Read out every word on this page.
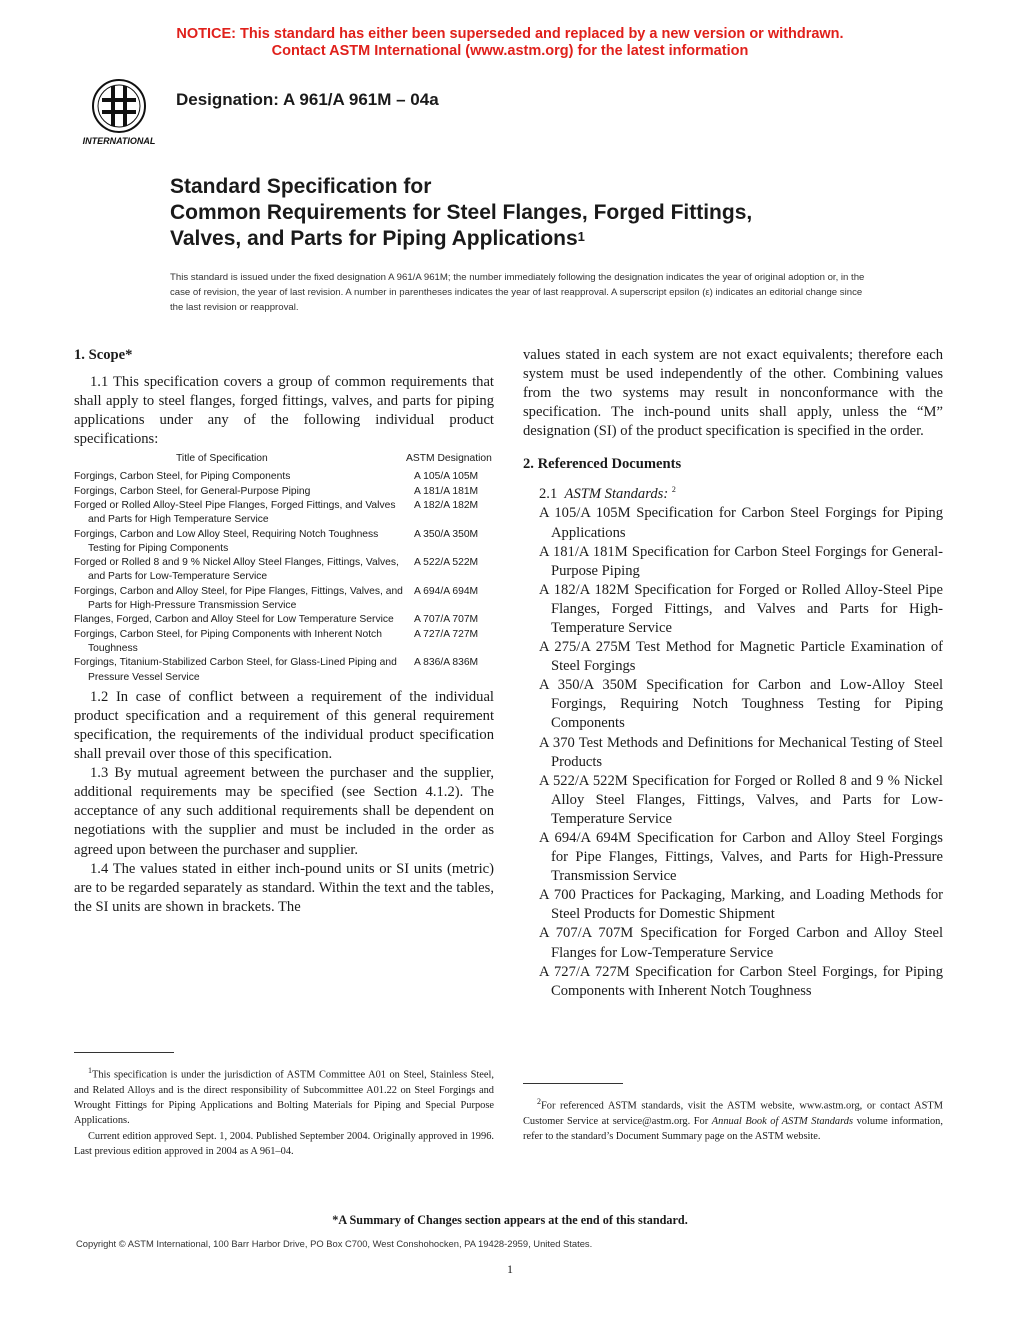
NOTICE: This standard has either been superseded and replaced by a new version or withdrawn.
Contact ASTM International (www.astm.org) for the latest information
INTERNATIONAL
Designation: A 961/A 961M – 04a
Standard Specification for
Common Requirements for Steel Flanges, Forged Fittings,
Valves, and Parts for Piping Applications$^1$
This standard is issued under the fixed designation A 961/A 961M; the number immediately following the designation indicates the year of original adoption or, in the case of revision, the year of last revision. A number in parentheses indicates the year of last reapproval. A superscript epsilon (ε) indicates an editorial change since the last revision or reapproval.
1. Scope*

1.1 This specification covers a group of common requirements that shall apply to steel flanges, forged fittings, valves, and parts for piping applications under any of the following individual product specifications:

Title of Specification	ASTM Designation
Forgings, Carbon Steel, for Piping Components	A 105/A 105M
Forgings, Carbon Steel, for General-Purpose Piping	A 181/A 181M
Forged or Rolled Alloy-Steel Pipe Flanges, Forged Fittings, and Valves and Parts for High Temperature Service	A 182/A 182M
Forgings, Carbon and Low Alloy Steel, Requiring Notch Toughness Testing for Piping Components	A 350/A 350M
Forged or Rolled 8 and 9 % Nickel Alloy Steel Flanges, Fittings, Valves, and Parts for Low-Temperature Service	A 522/A 522M
Forgings, Carbon and Alloy Steel, for Pipe Flanges, Fittings, Valves, and Parts for High-Pressure Transmission Service	A 694/A 694M
Flanges, Forged, Carbon and Alloy Steel for Low Temperature Service	A 707/A 707M
Forgings, Carbon Steel, for Piping Components with Inherent Notch Toughness	A 727/A 727M
Forgings, Titanium-Stabilized Carbon Steel, for Glass-Lined Piping and Pressure Vessel Service	A 836/A 836M

1.2 In case of conflict between a requirement of the individual product specification and a requirement of this general requirement specification, the requirements of the individual product specification shall prevail over those of this specification.

1.3 By mutual agreement between the purchaser and the supplier, additional requirements may be specified (see Section 4.1.2). The acceptance of any such additional requirements shall be dependent on negotiations with the supplier and must be included in the order as agreed upon between the purchaser and supplier.

1.4 The values stated in either inch-pound units or SI units (metric) are to be regarded separately as standard. Within the text and the tables, the SI units are shown in brackets. The

values stated in each system are not exact equivalents; therefore each system must be used independently of the other. Combining values from the two systems may result in nonconformance with the specification. The inch-pound units shall apply, unless the “M” designation (SI) of the product specification is specified in the order.

2. Referenced Documents

2.1 ASTM Standards: $^2$

A 105/A 105M Specification for Carbon Steel Forgings for Piping Applications

A 181/A 181M Specification for Carbon Steel Forgings for General-Purpose Piping

A 182/A 182M Specification for Forged or Rolled Alloy-Steel Pipe Flanges, Forged Fittings, and Valves and Parts for High-Temperature Service

A 275/A 275M Test Method for Magnetic Particle Examination of Steel Forgings

A 350/A 350M Specification for Carbon and Low-Alloy Steel Forgings, Requiring Notch Toughness Testing for Piping Components

A 370 Test Methods and Definitions for Mechanical Testing of Steel Products

A 522/A 522M Specification for Forged or Rolled 8 and 9 % Nickel Alloy Steel Flanges, Fittings, Valves, and Parts for Low-Temperature Service

A 694/A 694M Specification for Carbon and Alloy Steel Forgings for Pipe Flanges, Fittings, Valves, and Parts for High-Pressure Transmission Service

A 700 Practices for Packaging, Marking, and Loading Methods for Steel Products for Domestic Shipment

A 707/A 707M Specification for Forged Carbon and Alloy Steel Flanges for Low-Temperature Service

A 727/A 727M Specification for Carbon Steel Forgings, for Piping Components with Inherent Notch Toughness

$^1$This specification is under the jurisdiction of ASTM Committee A01 on Steel, Stainless Steel, and Related Alloys and is the direct responsibility of Subcommittee A01.22 on Steel Forgings and Wrought Fittings for Piping Applications and Bolting Materials for Piping and Special Purpose Applications.

Current edition approved Sept. 1, 2004. Published September 2004. Originally approved in 1996. Last previous edition approved in 2004 as A 961–04.

$^2$For referenced ASTM standards, visit the ASTM website, www.astm.org, or contact ASTM Customer Service at service@astm.org. For Annual Book of ASTM Standards volume information, refer to the standard’s Document Summary page on the ASTM website.

*A Summary of Changes section appears at the end of this standard.
Copyright © ASTM International, 100 Barr Harbor Drive, PO Box C700, West Conshohocken, PA 19428-2959, United States.
1
